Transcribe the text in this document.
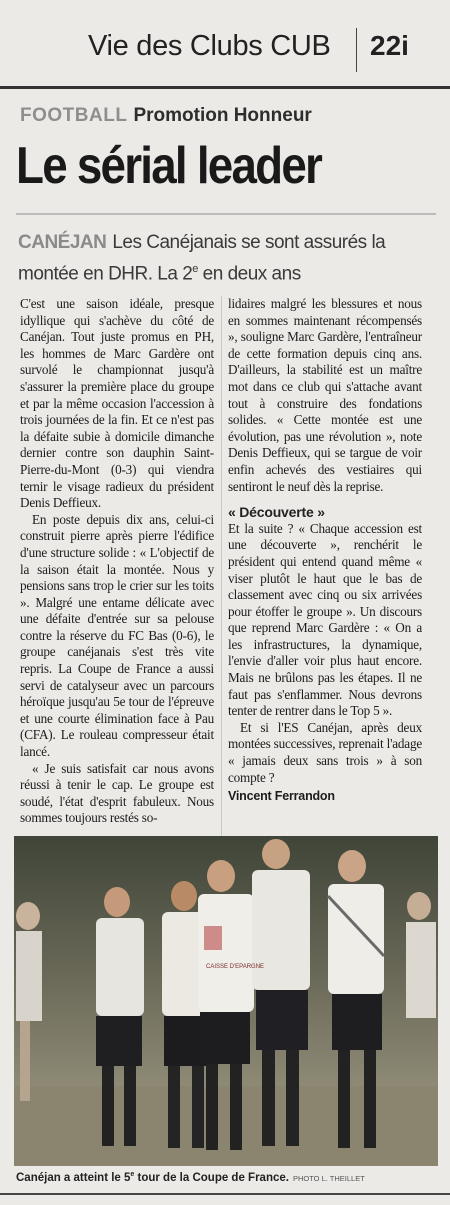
Vie des Clubs CUB 22i
FOOTBALL Promotion Honneur
Le sérial leader
CANÉJAN Les Canéjanais se sont assurés la montée en DHR. La 2e en deux ans

C'est une saison idéale, presque idyllique qui s'achève du côté de Canéjan. Tout juste promus en PH, les hommes de Marc Gardère ont survolé le championnat jusqu'à s'assurer la première place du groupe et par la même occasion l'accession à trois journées de la fin. Et ce n'est pas la défaite subie à domicile dimanche dernier contre son dauphin Saint-Pierre-du-Mont (0-3) qui viendra ternir le visage radieux du président Denis Deffieux.

En poste depuis dix ans, celui-ci construit pierre après pierre l'édifice d'une structure solide : « L'objectif de la saison était la montée. Nous y pensions sans trop le crier sur les toits ». Malgré une entame délicate avec une défaite d'entrée sur sa pelouse contre la réserve du FC Bas (0-6), le groupe canéjanais s'est très vite repris. La Coupe de France a aussi servi de catalyseur avec un parcours héroïque jusqu'au 5e tour de l'épreuve et une courte élimination face à Pau (CFA). Le rouleau compresseur était lancé.

« Je suis satisfait car nous avons réussi à tenir le cap. Le groupe est soudé, l'état d'esprit fabuleux. Nous sommes toujours restés so-

lidaires malgré les blessures et nous en sommes maintenant récompensés », souligne Marc Gardère, l'entraîneur de cette formation depuis cinq ans. D'ailleurs, la stabilité est un maître mot dans ce club qui s'attache avant tout à construire des fondations solides. « Cette montée est une évolution, pas une révolution », note Denis Deffieux, qui se targue de voir enfin achevés des vestiaires qui sentiront le neuf dès la reprise.

« Découverte »

Et la suite ? « Chaque accession est une découverte », renchérit le président qui entend quand même « viser plutôt le haut que le bas de classement avec cinq ou six arrivées pour étoffer le groupe ». Un discours que reprend Marc Gardère : « On a les infrastructures, la dynamique, l'envie d'aller voir plus haut encore. Mais ne brûlons pas les étapes. Il ne faut pas s'enflammer. Nous devrons tenter de rentrer dans le Top 5 ».

Et si l'ES Canéjan, après deux montées successives, reprenait l'adage « jamais deux sans trois » à son compte ?

Vincent Ferrandon

CAISSE D'EPARGNE
Canéjan a atteint le 5e tour de la Coupe de France. PHOTO L. THEILLET
